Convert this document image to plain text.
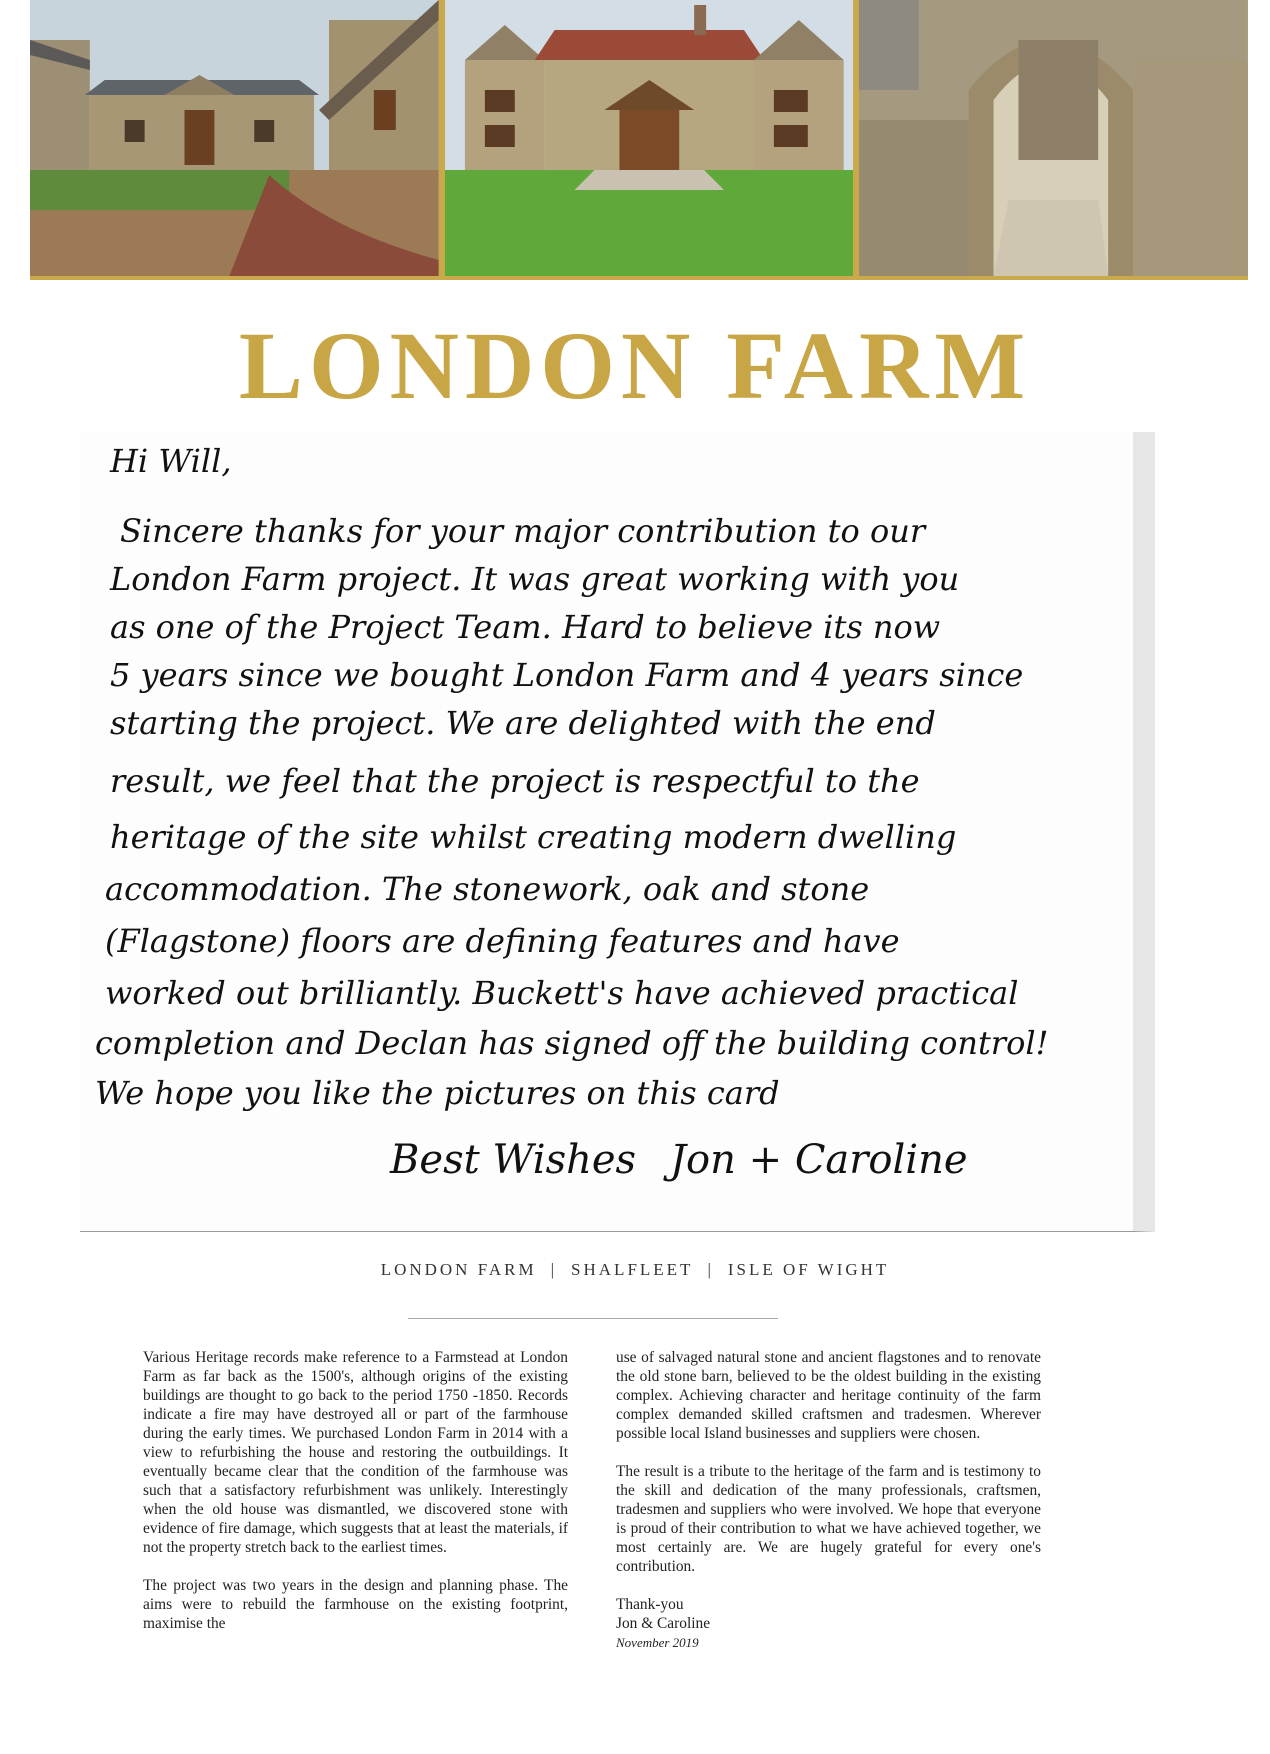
LONDON FARM

Hi Will,

Sincere thanks for your major contribution to our

London Farm project. It was great working with you

as one of the Project Team. Hard to believe its now

5 years since we bought London Farm and 4 years since

starting the project. We are delighted with the end

result, we feel that the project is respectful to the

heritage of the site whilst creating modern dwelling

accommodation. The stonework, oak and stone

(Flagstone) floors are defining features and have

worked out brilliantly. Buckett's have achieved practical

completion and Declan has signed off the building control!

We hope you like the pictures on this card

Best Wishes Jon + Caroline

LONDON FARM | SHALFLEET | ISLE OF WIGHT

Various Heritage records make reference to a Farmstead at London Farm as far back as the 1500's, although origins of the existing buildings are thought to go back to the period 1750 -1850. Records indicate a fire may have destroyed all or part of the farmhouse during the early times. We purchased London Farm in 2014 with a view to refurbishing the house and restoring the outbuildings. It eventually became clear that the condition of the farmhouse was such that a satisfactory refurbishment was unlikely. Interestingly when the old house was dismantled, we discovered stone with evidence of fire damage, which suggests that at least the materials, if not the property stretch back to the earliest times.

The project was two years in the design and planning phase. The aims were to rebuild the farmhouse on the existing footprint, maximise the

use of salvaged natural stone and ancient flagstones and to renovate the old stone barn, believed to be the oldest building in the existing complex. Achieving character and heritage continuity of the farm complex demanded skilled craftsmen and tradesmen. Wherever possible local Island businesses and suppliers were chosen.

The result is a tribute to the heritage of the farm and is testimony to the skill and dedication of the many professionals, craftsmen, tradesmen and suppliers who were involved. We hope that everyone is proud of their contribution to what we have achieved together, we most certainly are. We are hugely grateful for every one's contribution.

Thank-you
Jon & Caroline
November 2019
